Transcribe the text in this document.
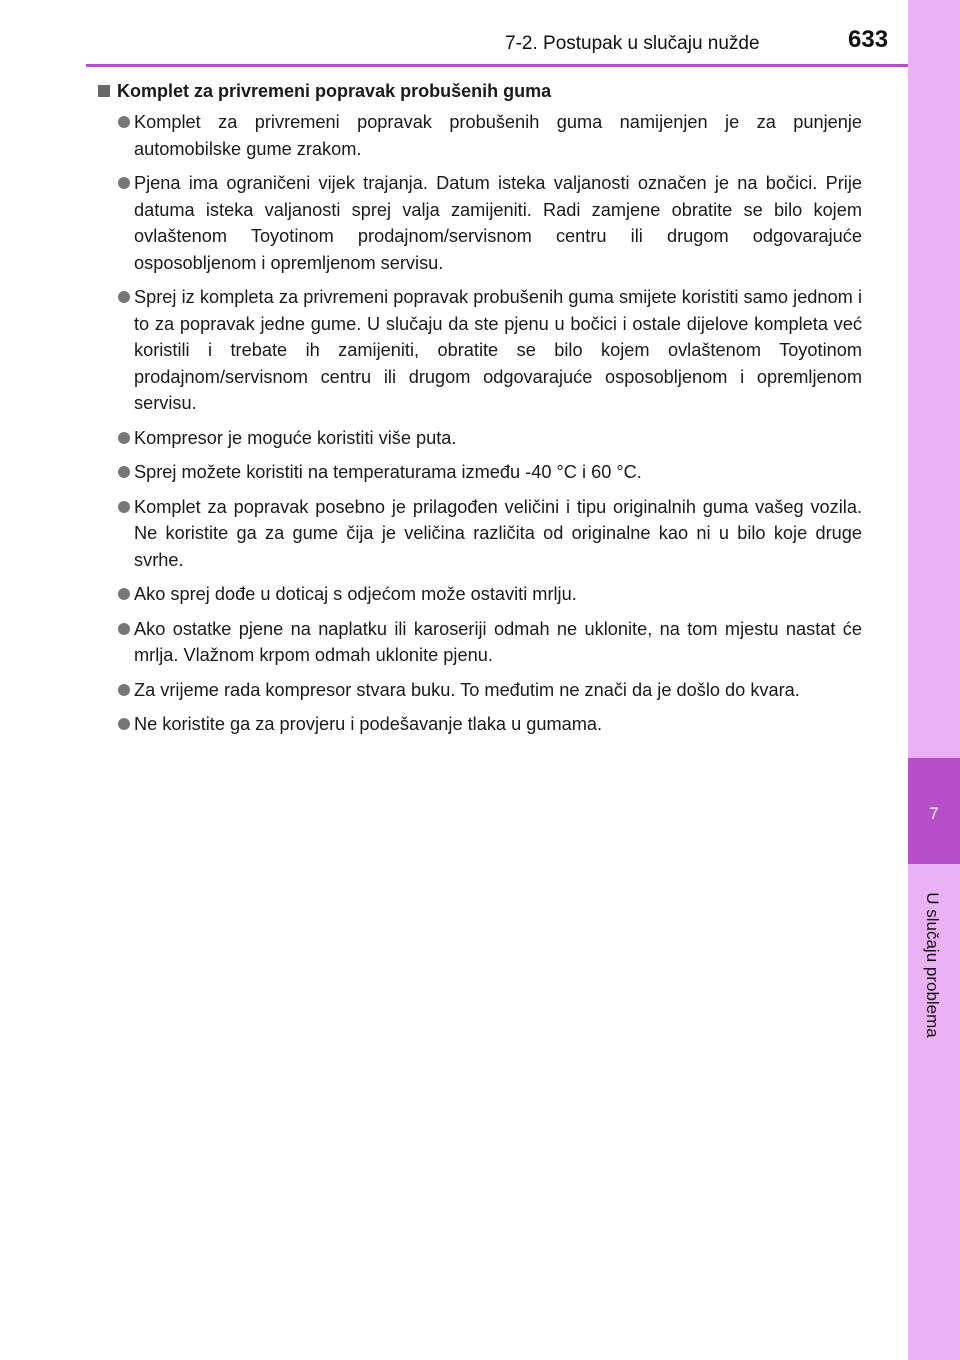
7
U slučaju problema
7-2. Postupak u slučaju nužde	633
Komplet za privremeni popravak probušenih guma
Komplet za privremeni popravak probušenih guma namijenjen je za punjenje automobilske gume zrakom.
Pjena ima ograničeni vijek trajanja. Datum isteka valjanosti označen je na bočici. Prije datuma isteka valjanosti sprej valja zamijeniti. Radi zamjene obratite se bilo kojem ovlaštenom Toyotinom prodajnom/servisnom centru ili drugom odgovarajuće osposobljenom i opremljenom servisu.
Sprej iz kompleta za privremeni popravak probušenih guma smijete koristiti samo jednom i to za popravak jedne gume. U slučaju da ste pjenu u bočici i ostale dijelove kompleta već koristili i trebate ih zamijeniti, obratite se bilo kojem ovlaštenom Toyotinom prodajnom/servisnom centru ili drugom odgovarajuće osposobljenom i opremljenom servisu.
Kompresor je moguće koristiti više puta.
Sprej možete koristiti na temperaturama između -40 °C i 60 °C.
Komplet za popravak posebno je prilagođen veličini i tipu originalnih guma vašeg vozila. Ne koristite ga za gume čija je veličina različita od originalne kao ni u bilo koje druge svrhe.
Ako sprej dođe u doticaj s odjećom može ostaviti mrlju.
Ako ostatke pjene na naplatku ili karoseriji odmah ne uklonite, na tom mjestu nastat će mrlja. Vlažnom krpom odmah uklonite pjenu.
Za vrijeme rada kompresor stvara buku. To međutim ne znači da je došlo do kvara.
Ne koristite ga za provjeru i podešavanje tlaka u gumama.
